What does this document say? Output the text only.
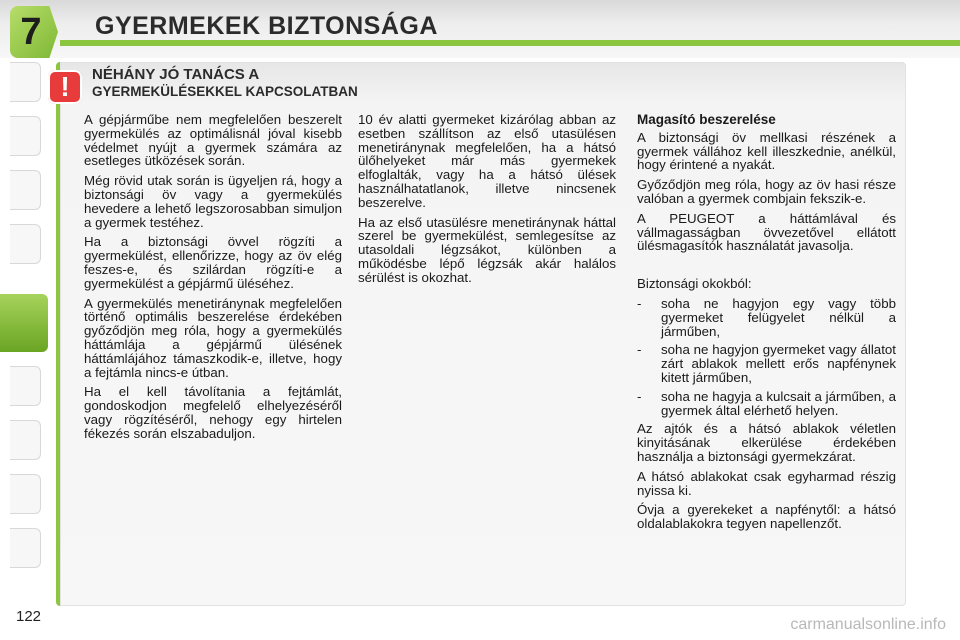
7	GYERMEKEK BIZTONSÁGA
!	NÉHÁNY JÓ TANÁCS A
GYERMEKÜLÉSEKKEL KAPCSOLATBAN

A gépjárműbe nem megfelelően beszerelt gyermekülés az optimálisnál jóval kisebb védelmet nyújt a gyermek számára az esetleges ütközések során.

Még rövid utak során is ügyeljen rá, hogy a biztonsági öv vagy a gyermekülés hevedere a lehető legszorosabban simuljon a gyermek testéhez.

Ha a biztonsági övvel rögzíti a gyermekülést, ellenőrizze, hogy az öv elég feszes-e, és szilárdan rögzíti-e a gyermekülést a gépjármű üléséhez.

A gyermekülés menetiránynak megfelelően történő optimális beszerelése érdekében győződjön meg róla, hogy a gyermekülés háttámlája a gépjármű ülésének háttámlájához támaszkodik-e, illetve, hogy a fejtámla nincs-e útban.

Ha el kell távolítania a fejtámlát, gondoskodjon megfelelő elhelyezéséről vagy rögzítéséről, nehogy egy hirtelen fékezés során elszabaduljon.

10 év alatti gyermeket kizárólag abban az esetben szállítson az első utasülésen menetiránynak megfelelően, ha a hátsó ülőhelyeket már más gyermekek elfoglalták, vagy ha a hátsó ülések használhatatlanok, illetve nincsenek beszerelve.

Ha az első utasülésre menetiránynak háttal szerel be gyermekülést, semlegesítse az utasoldali légzsákot, különben a működésbe lépő légzsák akár halálos sérülést is okozhat.

Magasító beszerelése

A biztonsági öv mellkasi részének a gyermek vállához kell illeszkednie, anélkül, hogy érintené a nyakát.

Győződjön meg róla, hogy az öv hasi része valóban a gyermek combjain fekszik-e.

A PEUGEOT a háttámlával és vállmagasságban övvezetővel ellátott ülésmagasítók használatát javasolja.

Biztonsági okokból:

-	soha ne hagyjon egy vagy több gyermeket felügyelet nélkül a járműben,
-	soha ne hagyjon gyermeket vagy állatot zárt ablakok mellett erős napfénynek kitett járműben,
-	soha ne hagyja a kulcsait a járműben, a gyermek által elérhető helyen.

Az ajtók és a hátsó ablakok véletlen kinyitásának elkerülése érdekében használja a biztonsági gyermekzárat.

A hátsó ablakokat csak egyharmad részig nyissa ki.

Óvja a gyerekeket a napfénytől: a hátsó oldalablakokra tegyen napellenzőt.

122	carmanualsonline.info
